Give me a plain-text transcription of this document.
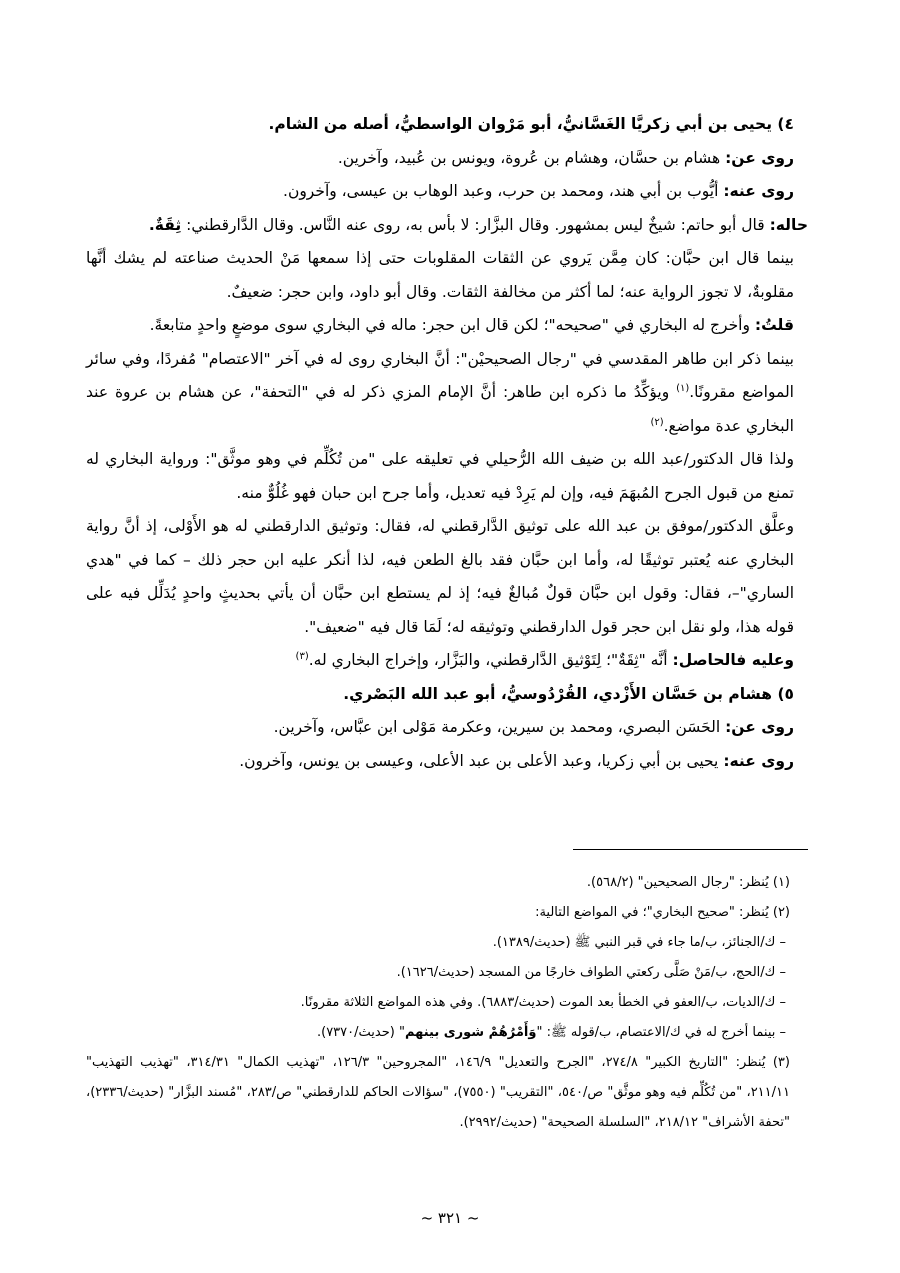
٤) يحيى بن أبي زكريَّا الغَسَّانيُّ، أبو مَرْوان الواسطيُّ، أصله من الشام.

روى عن: هشام بن حسَّان، وهشام بن عُروة، ويونس بن عُبيد، وآخرين.

روى عنه: أيُّوب بن أبي هند، ومحمد بن حرب، وعبد الوهاب بن عيسى، وآخرون.

حاله: قال أبو حاتم: شيخٌ ليس بمشهور. وقال البزَّار: لا بأس به، روى عنه النَّاس. وقال الدَّارقطني: ثِقَةٌ.

بينما قال ابن حبَّان: كان مِمَّن يَروي عن الثقات المقلوبات حتى إذا سمعها مَنْ الحديث صناعته لم يشك أنَّها مقلوبةٌ، لا تجوز الرواية عنه؛ لما أكثر من مخالفة الثقات. وقال أبو داود، وابن حجر: ضعيفٌ.

قلتُ: وأخرج له البخاري في "صحيحه"؛ لكن قال ابن حجر: ماله في البخاري سوى موضعٍ واحدٍ متابعةً.

بينما ذكر ابن طاهر المقدسي في "رجال الصحيحيْن": أنَّ البخاري روى له في آخر "الاعتصام" مُفردًا، وفي سائر المواضع مقرونًا.$^{(١)}$ ويؤكِّدُ ما ذكره ابن طاهر: أنَّ الإمام المزي ذكر له في "التحفة"، عن هشام بن عروة عند البخاري عدة مواضع.$^{(٢)}$

ولذا قال الدكتور/عبد الله بن ضيف الله الرُّحيلي في تعليقه على "من تُكُلِّم في وهو موثَّق": ورواية البخاري له تمنع من قبول الجرح المُبهَمَ فيه، وإن لم يَرِدْ فيه تعديل، وأما جرح ابن حبان فهو غُلُوٌّ منه.

وعلَّق الدكتور/موفق بن عبد الله على توثيق الدَّارقطني له، فقال: وتوثيق الدارقطني له هو الأَوْلى، إذ أنَّ رواية البخاري عنه يُعتبر توثيقًا له، وأما ابن حبَّان فقد بالغ الطعن فيه، لذا أنكر عليه ابن حجر ذلك – كما في "هدي الساري"–، فقال: وقول ابن حبَّان قولٌ مُبالغٌ فيه؛ إذ لم يستطع ابن حبَّان أن يأتي بحديثٍ واحدٍ يُدَلِّل فيه على قوله هذا، ولو نقل ابن حجر قول الدارقطني وتوثيقه له؛ لَمَا قال فيه "ضعيف".

وعليه فالحاصل: أنَّه "ثِقَةٌ"؛ لِتَوْثيق الدَّارقطني، والبَزَّار، وإخراج البخاري له.$^{(٣)}$

٥) هشام بن حَسَّان الأَزْدي، القُرْدُوسيُّ، أبو عبد الله البَصْري.

روى عن: الحَسَن البصري، ومحمد بن سيرين، وعكرمة مَوْلى ابن عبَّاس، وآخرين.

روى عنه: يحيى بن أبي زكريا، وعبد الأعلى بن عبد الأعلى، وعيسى بن يونس، وآخرون.

(١) يُنظر: "رجال الصحيحين" (٥٦٨/٢).

(٢) يُنظر: "صحيح البخاري"؛ في المواضع التالية:

– ك/الجنائز، ب/ما جاء في قبر النبي ﷺ (حديث/١٣٨٩).

– ك/الحج، ب/مَنْ صَلَّى ركعتي الطواف خارجًا من المسجد (حديث/١٦٢٦).

– ك/الديات، ب/العفو في الخطأ بعد الموت (حديث/٦٨٨٣). وفي هذه المواضع الثلاثة مقرونًا.

– بينما أخرج له في ك/الاعتصام، ب/قوله ﷺ: "وَأَمْرُهُمْ شورى بينهم" (حديث/٧٣٧٠).

(٣) يُنظر: "التاريخ الكبير" ٢٧٤/٨، "الجرح والتعديل" ١٤٦/٩، "المجروحين" ١٢٦/٣، "تهذيب الكمال" ٣١٤/٣١، "تهذيب التهذيب" ٢١١/١١، "من تُكُلِّم فيه وهو موثَّق" ص/٥٤٠، "التقريب" (٧٥٥٠)، "سؤالات الحاكم للدارقطني" ص/٢٨٣، "مُسند البزَّار" (حديث/٢٣٣٦)، "تحفة الأشراف" ٢١٨/١٢، "السلسلة الصحيحة" (حديث/٢٩٩٢).

~ ٣٢١ ~
